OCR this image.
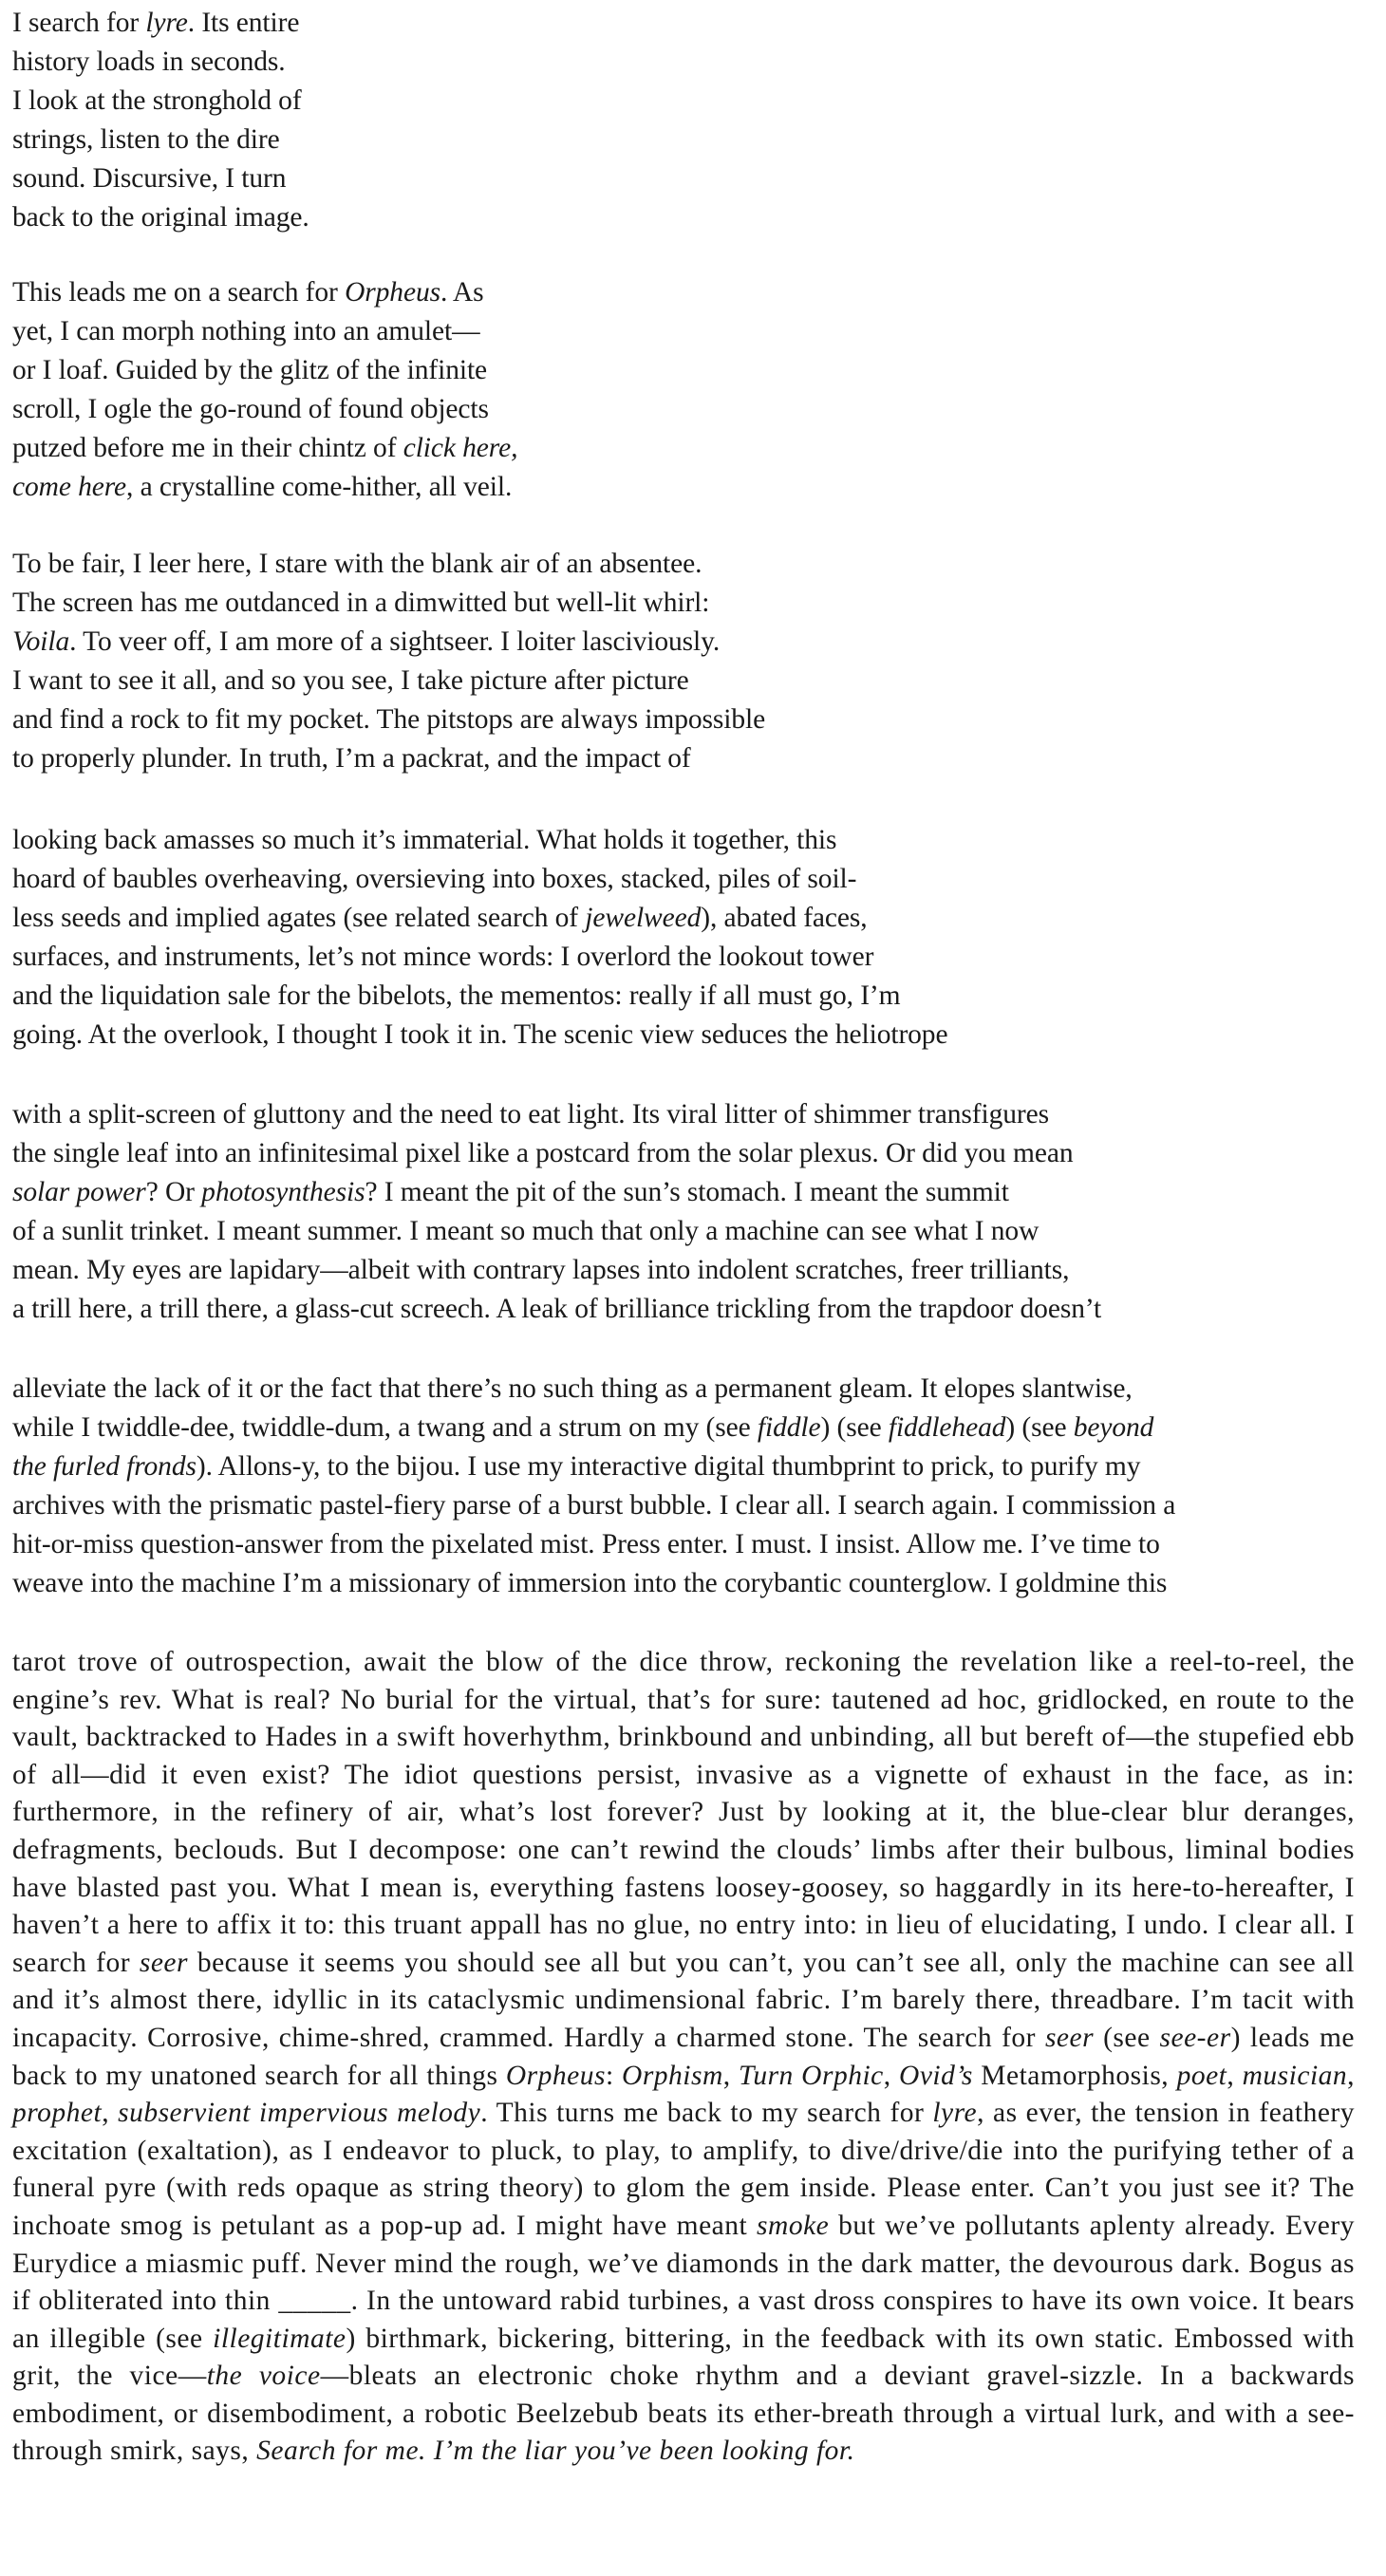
I search for lyre. Its entire
history loads in seconds.
I look at the stronghold of
strings, listen to the dire
sound. Discursive, I turn
back to the original image.
This leads me on a search for Orpheus. As
yet, I can morph nothing into an amulet—
or I loaf. Guided by the glitz of the infinite
scroll, I ogle the go-round of found objects
putzed before me in their chintz of click here,
come here, a crystalline come-hither, all veil.
To be fair, I leer here, I stare with the blank air of an absentee.
The screen has me outdanced in a dimwitted but well-lit whirl:
Voila. To veer off, I am more of a sightseer. I loiter lasciviously.
I want to see it all, and so you see, I take picture after picture
and find a rock to fit my pocket. The pitstops are always impossible
to properly plunder. In truth, I’m a packrat, and the impact of
looking back amasses so much it’s immaterial. What holds it together, this
hoard of baubles overheaving, oversieving into boxes, stacked, piles of soil-
less seeds and implied agates (see related search of jewelweed), abated faces,
surfaces, and instruments, let’s not mince words: I overlord the lookout tower
and the liquidation sale for the bibelots, the mementos: really if all must go, I’m
going. At the overlook, I thought I took it in. The scenic view seduces the heliotrope
with a split-screen of gluttony and the need to eat light. Its viral litter of shimmer transfigures
the single leaf into an infinitesimal pixel like a postcard from the solar plexus. Or did you mean
solar power? Or photosynthesis? I meant the pit of the sun’s stomach. I meant the summit
of a sunlit trinket. I meant summer. I meant so much that only a machine can see what I now
mean. My eyes are lapidary—albeit with contrary lapses into indolent scratches, freer trilliants,
a trill here, a trill there, a glass-cut screech. A leak of brilliance trickling from the trapdoor doesn’t
alleviate the lack of it or the fact that there’s no such thing as a permanent gleam. It elopes slantwise,
while I twiddle-dee, twiddle-dum, a twang and a strum on my (see fiddle) (see fiddlehead) (see beyond
the furled fronds). Allons-y, to the bijou. I use my interactive digital thumbprint to prick, to purify my
archives with the prismatic pastel-fiery parse of a burst bubble. I clear all. I search again. I commission a
hit-or-miss question-answer from the pixelated mist. Press enter. I must. I insist. Allow me. I’ve time to
weave into the machine I’m a missionary of immersion into the corybantic counterglow. I goldmine this
tarot trove of outrospection, await the blow of the dice throw, reckoning the revelation like a reel-to-reel, the engine’s rev. What is real? No burial for the virtual, that’s for sure: tautened ad hoc, gridlocked, en route to the vault, backtracked to Hades in a swift hoverhythm, brinkbound and unbinding, all but bereft of—the stupefied ebb of all—did it even exist? The idiot questions persist, invasive as a vignette of exhaust in the face, as in: furthermore, in the refinery of air, what’s lost forever? Just by looking at it, the blue-clear blur deranges, defragments, beclouds. But I decompose: one can’t rewind the clouds’ limbs after their bulbous, liminal bodies have blasted past you. What I mean is, everything fastens loosey-goosey, so haggardly in its here-to-hereafter, I haven’t a here to affix it to: this truant appall has no glue, no entry into: in lieu of elucidating, I undo. I clear all. I search for seer because it seems you should see all but you can’t, you can’t see all, only the machine can see all and it’s almost there, idyllic in its cataclysmic undimensional fabric. I’m barely there, threadbare. I’m tacit with incapacity. Corrosive, chime-shred, crammed. Hardly a charmed stone. The search for seer (see see-er) leads me back to my unatoned search for all things Orpheus: Orphism, Turn Orphic, Ovid’s Metamorphosis, poet, musician, prophet, subservient impervious melody. This turns me back to my search for lyre, as ever, the tension in feathery excitation (exaltation), as I endeavor to pluck, to play, to amplify, to dive/drive/die into the purifying tether of a funeral pyre (with reds opaque as string theory) to glom the gem inside. Please enter. Can’t you just see it? The inchoate smog is petulant as a pop-up ad. I might have meant smoke but we’ve pollutants aplenty already. Every Eurydice a miasmic puff. Never mind the rough, we’ve diamonds in the dark matter, the devourous dark. Bogus as if obliterated into thin _____. In the untoward rabid turbines, a vast dross conspires to have its own voice. It bears an illegible (see illegitimate) birthmark, bickering, bittering, in the feedback with its own static. Embossed with grit, the vice—the voice—bleats an electronic choke rhythm and a deviant gravel-sizzle. In a backwards embodiment, or disembodiment, a robotic Beelzebub beats its ether-breath through a virtual lurk, and with a see-through smirk, says, Search for me. I’m the liar you’ve been looking for.
